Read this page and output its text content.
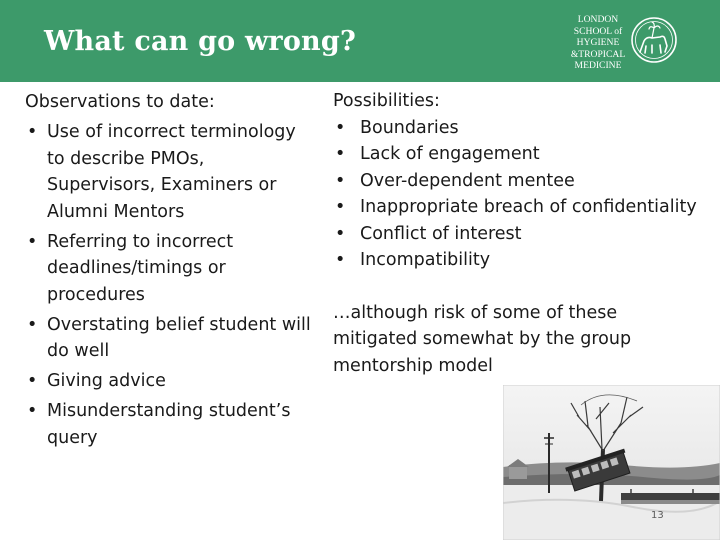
What can go wrong?
LONDON
SCHOOL of
HYGIENE
&TROPICAL
MEDICINE

Observations to date:

• Use of incorrect terminology to describe PMOs, Supervisors, Examiners or Alumni Mentors
• Referring to incorrect deadlines/timings or procedures
• Overstating belief student will do well
• Giving advice
• Misunderstanding student’s query

Possibilities:

• Boundaries
• Lack of engagement
• Over-dependent mentee
• Inappropriate breach of confidentiality
• Conflict of interest
• Incompatibility

…although risk of some of these mitigated somewhat by the group mentorship model

13
